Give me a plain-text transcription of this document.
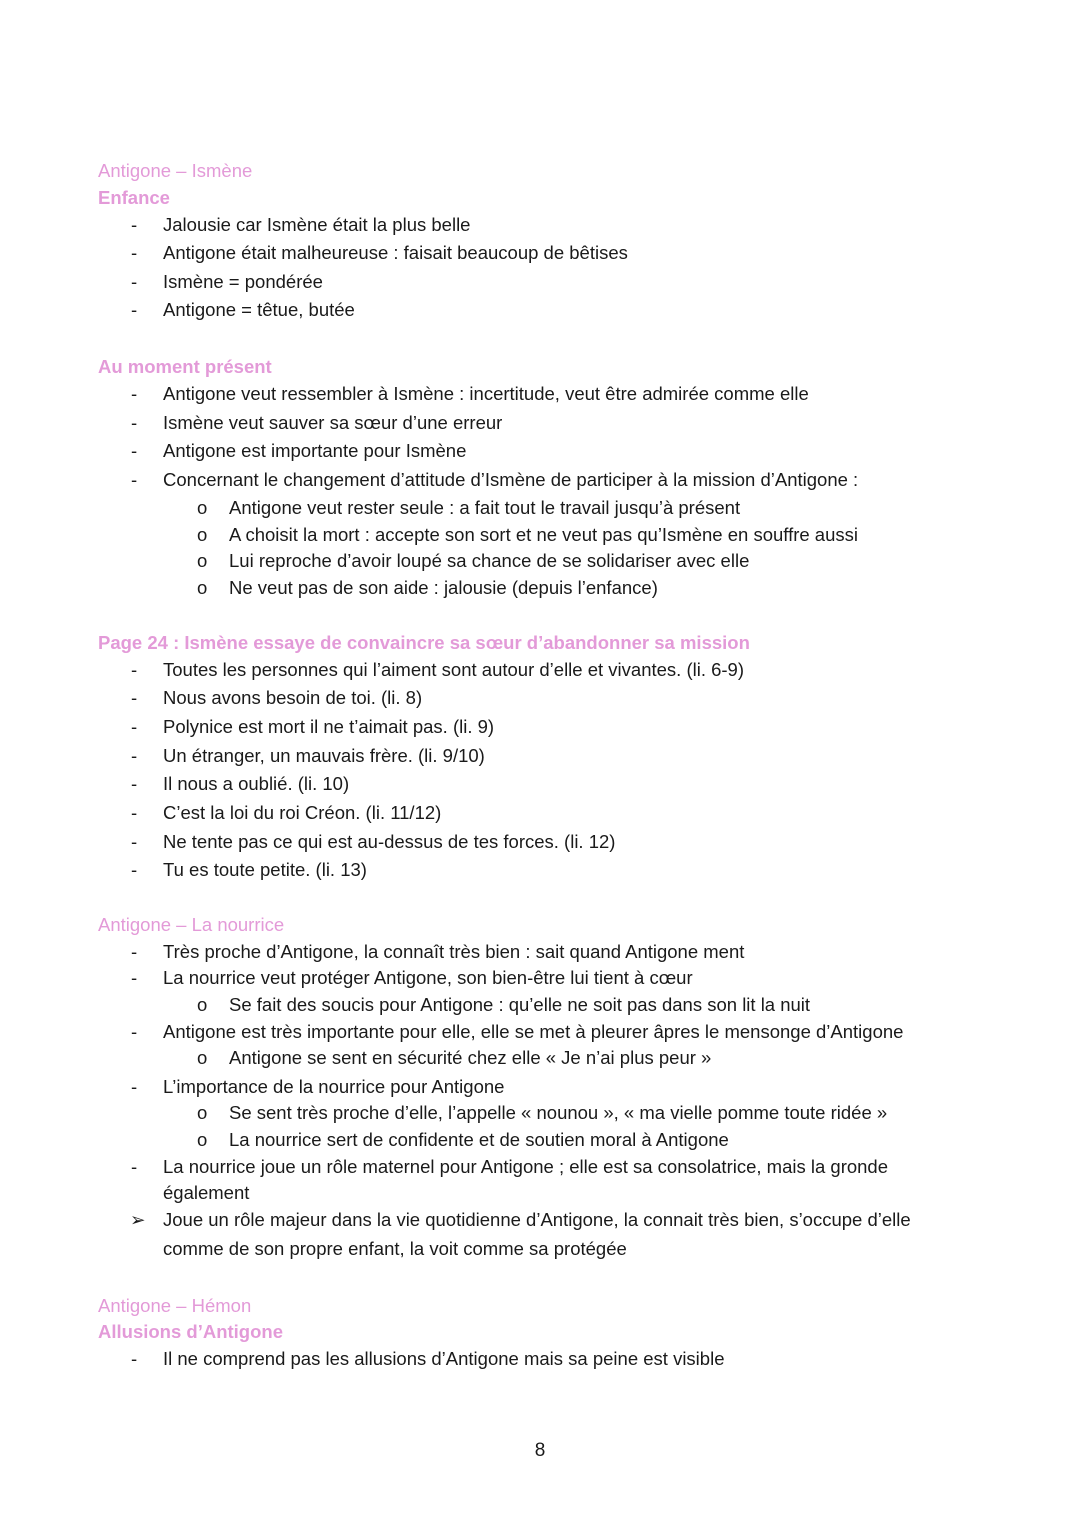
8
Antigone – Ismène
Enfance
- Jalousie car Ismène était la plus belle
- Antigone était malheureuse : faisait beaucoup de bêtises
- Ismène = pondérée
- Antigone = têtue, butée
Au moment présent
- Antigone veut ressembler à Ismène : incertitude, veut être admirée comme elle
- Ismène veut sauver sa sœur d’une erreur
- Antigone est importante pour Ismène
- Concernant le changement d’attitude d’Ismène de participer à la mission d’Antigone :
o Antigone veut rester seule : a fait tout le travail jusqu’à présent
o A choisit la mort : accepte son sort et ne veut pas qu’Ismène en souffre aussi
o Lui reproche d’avoir loupé sa chance de se solidariser avec elle
o Ne veut pas de son aide : jalousie (depuis l’enfance)
Page 24 : Ismène essaye de convaincre sa sœur d’abandonner sa mission
- Toutes les personnes qui l’aiment sont autour d’elle et vivantes. (li. 6-9)
- Nous avons besoin de toi. (li. 8)
- Polynice est mort il ne t’aimait pas. (li. 9)
- Un étranger, un mauvais frère. (li. 9/10)
- Il nous a oublié. (li. 10)
- C’est la loi du roi Créon. (li. 11/12)
- Ne tente pas ce qui est au-dessus de tes forces. (li. 12)
- Tu es toute petite. (li. 13)
Antigone – La nourrice
- Très proche d’Antigone, la connaît très bien : sait quand Antigone ment
- La nourrice veut protéger Antigone, son bien-être lui tient à cœur
o Se fait des soucis pour Antigone : qu’elle ne soit pas dans son lit la nuit
- Antigone est très importante pour elle, elle se met à pleurer âpres le mensonge d’Antigone
o Antigone se sent en sécurité chez elle « Je n’ai plus peur »
- L’importance de la nourrice pour Antigone
o Se sent très proche d’elle, l’appelle « nounou », « ma vielle pomme toute ridée »
o La nourrice sert de confidente et de soutien moral à Antigone
- La nourrice joue un rôle maternel pour Antigone ; elle est sa consolatrice, mais la gronde
également
➢ Joue un rôle majeur dans la vie quotidienne d’Antigone, la connait très bien, s’occupe d’elle
comme de son propre enfant, la voit comme sa protégée
Antigone – Hémon
Allusions d’Antigone
- Il ne comprend pas les allusions d’Antigone mais sa peine est visible
